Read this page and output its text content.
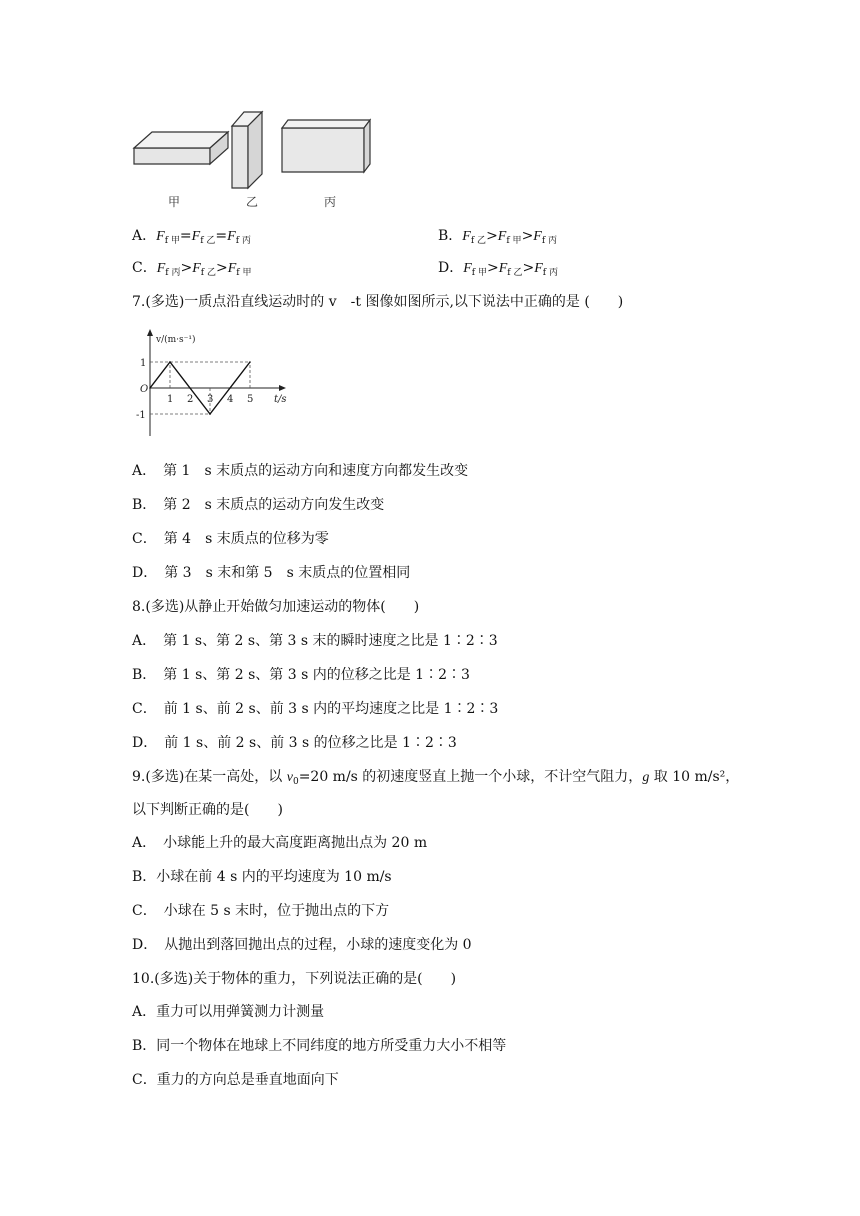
甲	乙	丙
A．$F_{f 甲}=F_{f 乙}=F_{f 丙}$	B．$F_{f 乙}>F_{f 甲}>F_{f 丙}$
C．$F_{f 丙}>F_{f 乙}>F_{f 甲}$	D．$F_{f 甲}>F_{f 乙}>F_{f 丙}$
7.(多选)一质点沿直线运动时的 v　-t 图像如图所示,以下说法中正确的是 (　　)
v/(m·s⁻¹)
t/s
O
1
-1
1 2 3 4 5
A．　第 1　s 末质点的运动方向和速度方向都发生改变
B．　第 2　s 末质点的运动方向发生改变
C．　第 4　s 末质点的位移为零
D．　第 3　s 末和第 5　s 末质点的位置相同
8.(多选)从静止开始做匀加速运动的物体(　　)
A．　第 1 s、第 2 s、第 3 s 末的瞬时速度之比是 1∶2∶3
B．　第 1 s、第 2 s、第 3 s 内的位移之比是 1∶2∶3
C．　前 1 s、前 2 s、前 3 s 内的平均速度之比是 1∶2∶3
D．　前 1 s、前 2 s、前 3 s 的位移之比是 1∶2∶3
9.(多选)在某一高处，以 $v_0=20$ m/s 的初速度竖直上抛一个小球，不计空气阻力，g 取 10 m/s²，
以下判断正确的是(　　)
A．　小球能上升的最大高度距离抛出点为 20 m
B．小球在前 4 s 内的平均速度为 10 m/s
C．　小球在 5 s 末时，位于抛出点的下方
D．　从抛出到落回抛出点的过程，小球的速度变化为 0
10.(多选)关于物体的重力，下列说法正确的是(　　)
A．重力可以用弹簧测力计测量
B．同一个物体在地球上不同纬度的地方所受重力大小不相等
C．重力的方向总是垂直地面向下
